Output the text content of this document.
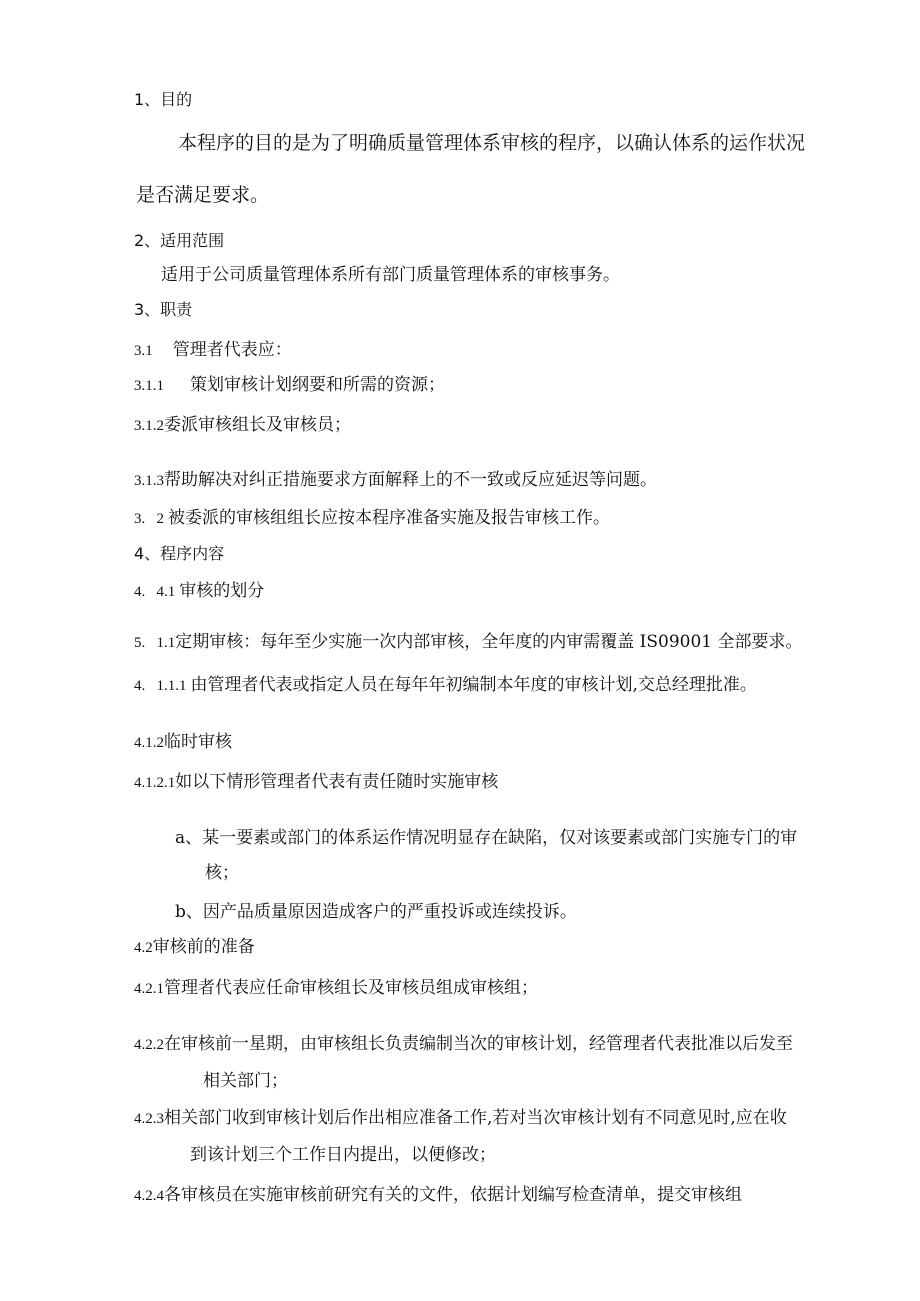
1、目的
本程序的目的是为了明确质量管理体系审核的程序，以确认体系的运作状况
是否满足要求。
2、适用范围
适用于公司质量管理体系所有部门质量管理体系的审核事务。
3、职责
3.1 管理者代表应：
3.1.1 策划审核计划纲要和所需的资源；
3.1.2委派审核组长及审核员；
3.1.3帮助解决对纠正措施要求方面解释上的不一致或反应延迟等问题。
3.   2 被委派的审核组组长应按本程序准备实施及报告审核工作。
4、程序内容
4.   4.1 审核的划分
5.   1.1定期审核：每年至少实施一次内部审核，全年度的内审需覆盖 IS09001 全部要求。
4.   1.1.1 由管理者代表或指定人员在每年年初编制本年度的审核计划,交总经理批准。
4.1.2临时审核
4.1.2.1如以下情形管理者代表有责任随时实施审核
a、某一要素或部门的体系运作情况明显存在缺陷，仅对该要素或部门实施专门的审
核；
b、因产品质量原因造成客户的严重投诉或连续投诉。
4.2审核前的准备
4.2.1管理者代表应任命审核组长及审核员组成审核组；
4.2.2在审核前一星期，由审核组长负责编制当次的审核计划，经管理者代表批准以后发至
相关部门；
4.2.3相关部门收到审核计划后作出相应准备工作,若对当次审核计划有不同意见时,应在收
到该计划三个工作日内提出，以便修改；
4.2.4各审核员在实施审核前研究有关的文件，依据计划编写检查清单，提交审核组
